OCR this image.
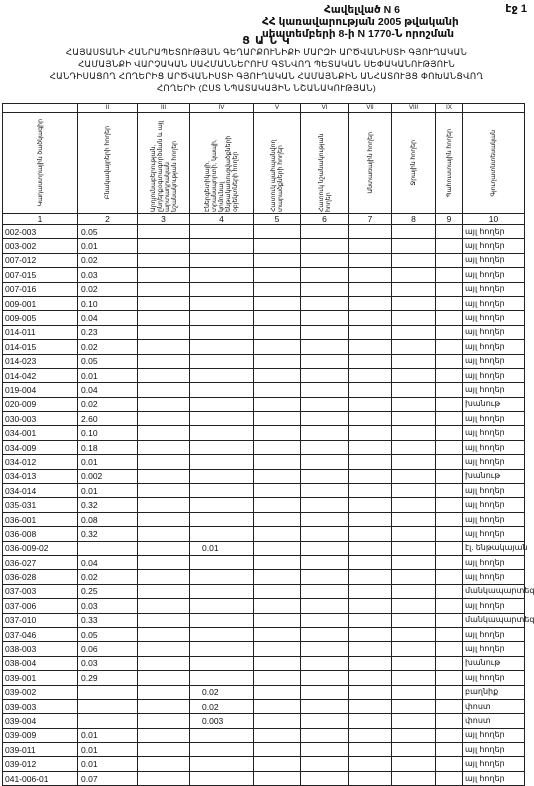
Հավելված N 6
ՀՀ կառավարության 2005 թվականի
սեպտեմբերի 8-ի N 1770-Ն որոշման
էջ 1
Ց Ա Ն Կ
ՀԱՅԱՍՏԱՆԻ ՀԱՆՐԱՊԵՏՈՒԹՅԱՆ ԳԵՂԱՐՔՈՒՆԻՔԻ ՄԱՐԶԻ ԱՐԾՎԱՆԻՍՏԻ ԳՅՈՒՂԱԿԱՆ
ՀԱՄԱՅՆՔԻ ՎԱՐՉԱԿԱՆ ՍԱՀՄԱՆՆԵՐՈՒՄ ԳՏՆՎՈՂ ՊԵՏԱԿԱՆ ՍԵՓԱԿԱՆՈՒԹՅՈՒՆ
ՀԱՆԴԻՍԱՑՈՂ ՀՈՂԵՐԻՑ ԱՐԾՎԱՆԻՍՏԻ ԳՅՈՒՂԱԿԱՆ ՀԱՄԱՅՆՔԻՆ ԱՆՀԱՏՈՒՅՑ ՓՈԽԱՆՑՎՈՂ
ՀՈՂԵՐԻ (ԸՍՏ ՆՊԱՏԱԿԱՅԻՆ ՆՇԱՆԱԿՈՒԹՅԱՆ)
	II	III	IV	V	VI	VII	VIII	IX	

Կադաստրային ծածկագիր	Բնակավայրերի հողեր	Արդյունաբերության, ընդերքօգտագործման և այլ արտադրական նշանակության հողեր	Էներգետիկայի, տրանսպորտի, կապի, կոմունալ ենթակառուցվածքների օբյեկտների հողեր	Հատուկ պահպանվող տարածքների հողեր	Հատուկ նշանակության հողեր	Անտառային հողեր	Ջրային հողեր	Պահուստային հողեր	Գյուղատնտեսական

1	2	3	4	5	6	7	8	9	10
002-003	0.05								այլ հողեր
003-002	0.01								այլ հողեր
007-012	0.02								այլ հողեր
007-015	0.03								այլ հողեր
007-016	0.02								այլ հողեր
009-001	0.10								այլ հողեր
009-005	0.04								այլ հողեր
014-011	0.23								այլ հողեր
014-015	0.02								այլ հողեր
014-023	0.05								այլ հողեր
014-042	0.01								այլ հողեր
019-004	0.04								այլ հողեր
020-009	0.02								խանութ
030-003	2.60								այլ հողեր
034-001	0.10								այլ հողեր
034-009	0.18								այլ հողեր
034-012	0.01								այլ հողեր
034-013	0.002								խանութ
034-014	0.01								այլ հողեր
035-031	0.32								այլ հողեր
036-001	0.08								այլ հողեր
036-008	0.32								այլ հողեր
036-009-02			0.01						էլ. ենթակայան
036-027	0.04								այլ հողեր
036-028	0.02								այլ հողեր
037-003	0.25								մանկապարտեզ
037-006	0.03								այլ հողեր
037-010	0.33								մանկապարտեզ
037-046	0.05								այլ հողեր
038-003	0.06								այլ հողեր
038-004	0.03								խանութ
039-001	0.29								այլ հողեր
039-002			0.02						բաղնիք
039-003			0.02						փոստ
039-004			0.003						փոստ
039-009	0.01								այլ հողեր
039-011	0.01								այլ հողեր
039-012	0.01								այլ հողեր
041-006-01	0.07								այլ հողեր
·
